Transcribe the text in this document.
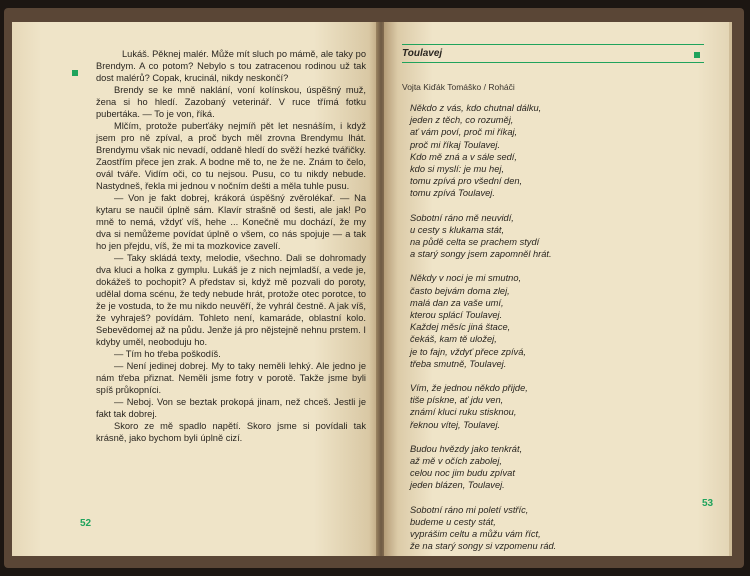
Lukáš. Pěknej malér. Může mít sluch po mámě, ale taky po Brendym. A co potom? Nebylo s tou zatracenou rodinou už tak dost malérů? Copak, krucinál, nikdy neskončí?

Brendy se ke mně naklání, voní kolínskou, úspěšný muž, žena si ho hledí. Zazobaný veterinář. V ruce třímá fotku pubertáka. — To je von, říká.

Mlčím, protože puberťáky nejmíň pět let nesnáším, i když jsem pro ně zpíval, a proč bych měl zrovna Brendymu lhát. Brendymu však nic nevadí, oddaně hledí do svěží hezké tvářičky. Zaostřím přece jen zrak. A bodne mě to, ne že ne. Znám to čelo, ovál tváře. Vidím oči, co tu nejsou. Pusu, co tu nikdy nebude. Nastydneš, řekla mi jednou v nočním dešti a měla tuhle pusu.

— Von je fakt dobrej, krákorá úspěšný zvěrolékař. — Na kytaru se naučil úplně sám. Klavír strašně od šesti, ale jak! Po mně to nemá, vždyť víš, hehe ... Konečně mu dochází, že my dva si nemůžeme povídat úplně o všem, co nás spojuje — a tak ho jen přejdu, víš, že mi ta mozkovice zavelí.

— Taky skládá texty, melodie, všechno. Dali se dohromady dva kluci a holka z gymplu. Lukáš je z nich nejmladší, a vede je, dokážeš to pochopit? A představ si, když mě pozvali do poroty, udělal doma scénu, že tedy nebude hrát, protože otec porotce, to že je vostuda, to že mu nikdo neuvěří, že vyhrál čestně. A jak víš, že vyhraješ? povídám. Tohleto není, kamaráde, oblastní kolo. Sebevědomej až na půdu. Jenže já pro nějstejně nehnu prstem. I kdyby uměl, neoboduju ho.

— Tím ho třeba poškodíš.

— Není jedinej dobrej. My to taky neměli lehký. Ale jedno je nám třeba přiznat. Neměli jsme fotry v porotě. Takže jsme byli spíš průkopníci.

— Neboj. Von se beztak prokopá jinam, než chceš. Jestli je fakt tak dobrej.

Skoro ze mě spadlo napětí. Skoro jsme si povídali tak krásně, jako bychom byli úplně cizí.

52

Toulavej

Vojta Kiďák Tomáško / Roháči

Někdo z vás, kdo chutnal dálku,
jeden z těch, co rozuměj,
ať vám poví, proč mi říkaj,
proč mi říkaj Toulavej.
Kdo mě zná a v sále sedí,
kdo si myslí: je mu hej,
tomu zpívá pro všední den,
tomu zpívá Toulavej.
Sobotní ráno mě neuvidí,
u cesty s klukama stát,
na půdě celta se prachem stydí
a starý songy jsem zapomněl hrát.
Někdy v noci je mi smutno,
často bejvám doma zlej,
malá dan za vaše umí,
kterou splácí Toulavej.
Každej měsíc jiná štace,
čekáš, kam tě uložej,
je to fajn, vždyť přece zpívá,
třeba smutně, Toulavej.
Vím, že jednou někdo přijde,
tiše pískne, ať jdu ven,
známí kluci ruku stisknou,
řeknou vítej, Toulavej.
Budou hvězdy jako tenkrát,
až mě v očích zabolej,
celou noc jim budu zpívat
jeden blázen, Toulavej.
Sobotní ráno mi poletí vstříc,
budeme u cesty stát,
vyprášim celtu a můžu vám říct,
že na starý songy si vzpomenu rád.

53
